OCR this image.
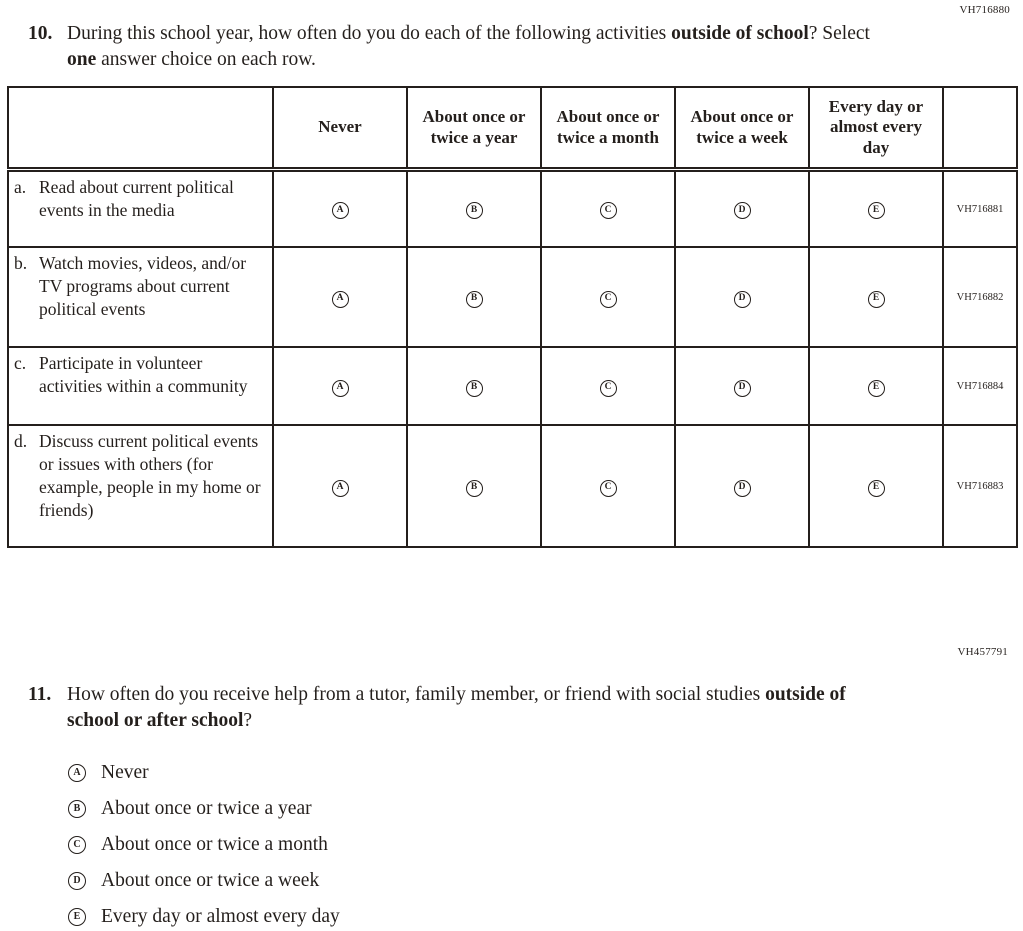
VH716880
10. During this school year, how often do you do each of the following activities outside of school? Select one answer choice on each row.

	Never	About once or twice a year	About once or twice a month	About once or twice a week	Every day or almost every day	

a. Read about current political events in the media	A	B	C	D	E	VH716881

b. Watch movies, videos, and/or TV programs about current political events	A	B	C	D	E	VH716882

c. Participate in volunteer activities within a community	A	B	C	D	E	VH716884

d. Discuss current political events or issues with others (for example, people in my home or friends)	A	B	C	D	E	VH716883
VH457791
11. How often do you receive help from a tutor, family member, or friend with social studies outside of school or after school?

A Never
B About once or twice a year
C About once or twice a month
D About once or twice a week
E Every day or almost every day
